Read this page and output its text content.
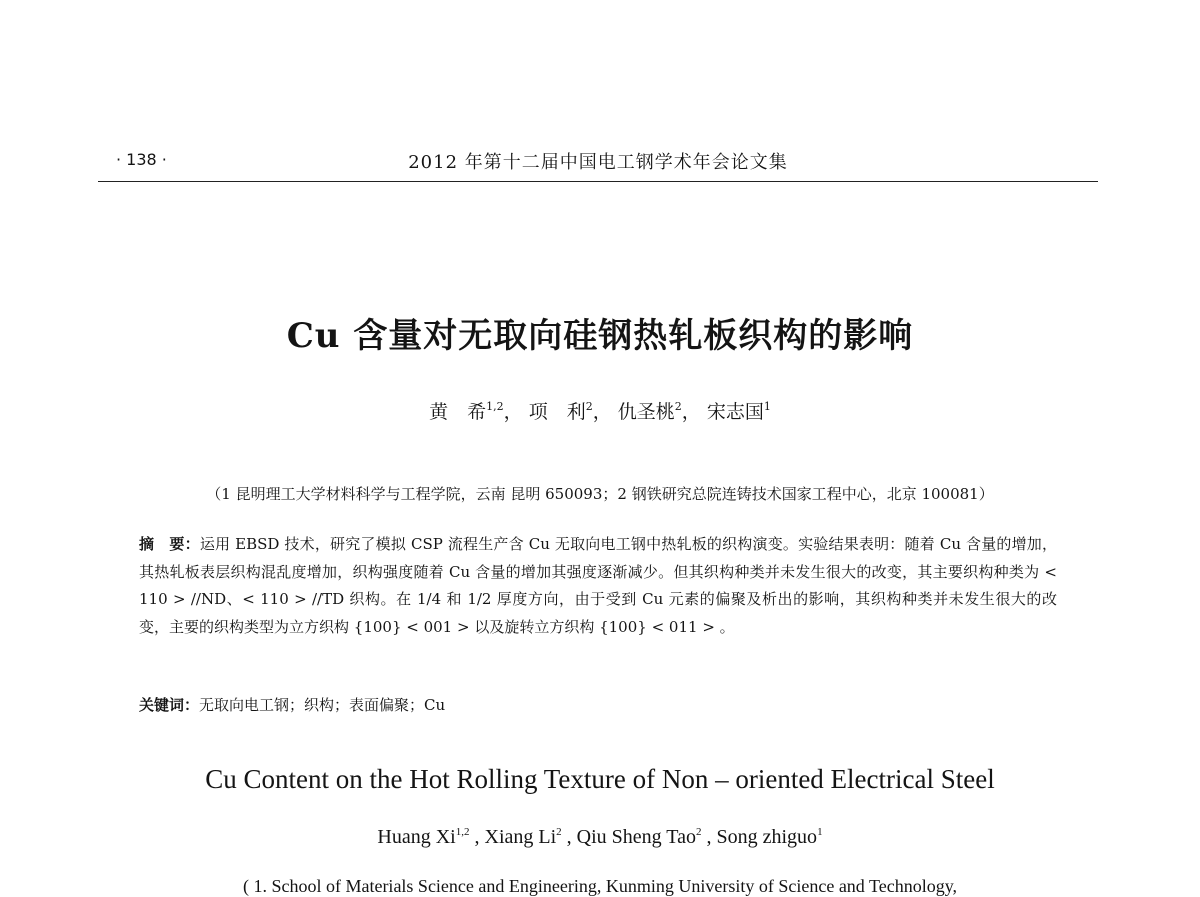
· 138 ·	2012 年第十二届中国电工钢学术年会论文集
Cu 含量对无取向硅钢热轧板织构的影响
黄　希$^{1,2}$， 项　利$^2$， 仇圣桃$^2$， 宋志国$^1$
（1 昆明理工大学材料科学与工程学院，云南 昆明 650093；2 钢铁研究总院连铸技术国家工程中心，北京 100081）
摘　要：运用 EBSD 技术，研究了模拟 CSP 流程生产含 Cu 无取向电工钢中热轧板的织构演变。实验结果表明：随着 Cu 含量的增加，其热轧板表层织构混乱度增加，织构强度随着 Cu 含量的增加其强度逐渐减少。但其织构种类并未发生很大的改变，其主要织构种类为 < 110 > //ND、< 110 > //TD 织构。在 1/4 和 1/2 厚度方向，由于受到 Cu 元素的偏聚及析出的影响，其织构种类并未发生很大的改变，主要的织构类型为立方织构 {100} < 001 > 以及旋转立方织构 {100} < 011 > 。
关键词：无取向电工钢；织构；表面偏聚；Cu
Cu Content on the Hot Rolling Texture of Non – oriented Electrical Steel
Huang Xi$^{1,2}$ , Xiang Li$^2$ , Qiu Sheng Tao$^2$ , Song zhiguo$^1$
( 1. School of Materials Science and Engineering, Kunming University of Science and Technology,
